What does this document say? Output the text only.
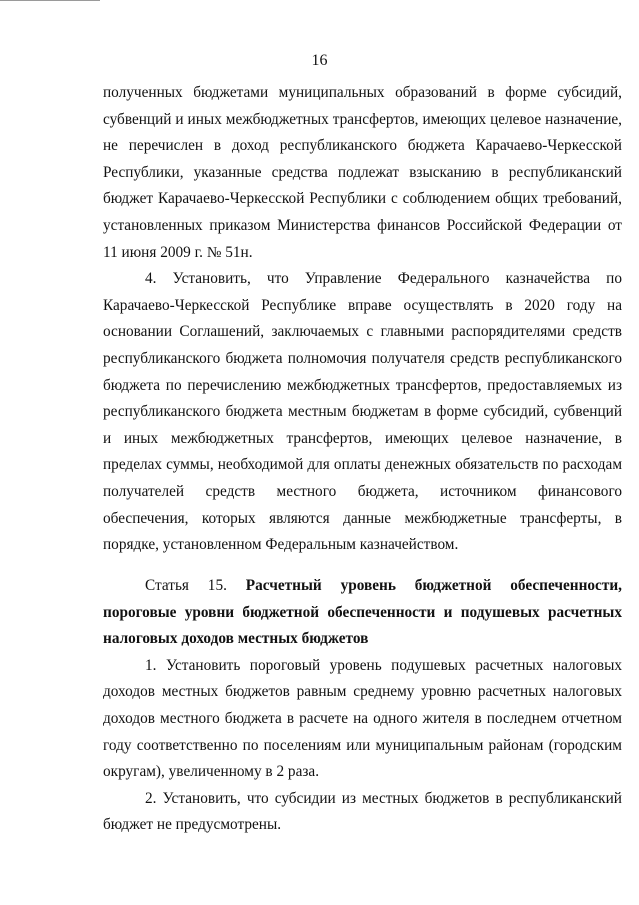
16

полученных бюджетами муниципальных образований в форме субсидий, субвенций и иных межбюджетных трансфертов, имеющих целевое назначение, не перечислен в доход республиканского бюджета Карачаево-Черкесской Республики, указанные средства подлежат взысканию в республиканский бюджет Карачаево-Черкесской Республики с соблюдением общих требований, установленных приказом Министерства финансов Российской Федерации от 11 июня 2009 г. № 51н.

4. Установить, что Управление Федерального казначейства по Карачаево-Черкесской Республике вправе осуществлять в 2020 году на основании Соглашений, заключаемых с главными распорядителями средств республиканского бюджета полномочия получателя средств республиканского бюджета по перечислению межбюджетных трансфертов, предоставляемых из республиканского бюджета местным бюджетам в форме субсидий, субвенций и иных межбюджетных трансфертов, имеющих целевое назначение, в пределах суммы, необходимой для оплаты денежных обязательств по расходам получателей средств местного бюджета, источником финансового обеспечения, которых являются данные межбюджетные трансферты, в порядке, установленном Федеральным казначейством.

Статья 15. Расчетный уровень бюджетной обеспеченности, пороговые уровни бюджетной обеспеченности и подушевых расчетных налоговых доходов местных бюджетов

1. Установить пороговый уровень подушевых расчетных налоговых доходов местных бюджетов равным среднему уровню расчетных налоговых доходов местного бюджета в расчете на одного жителя в последнем отчетном году соответственно по поселениям или муниципальным районам (городским округам), увеличенному в 2 раза.

2. Установить, что субсидии из местных бюджетов в республиканский бюджет не предусмотрены.
